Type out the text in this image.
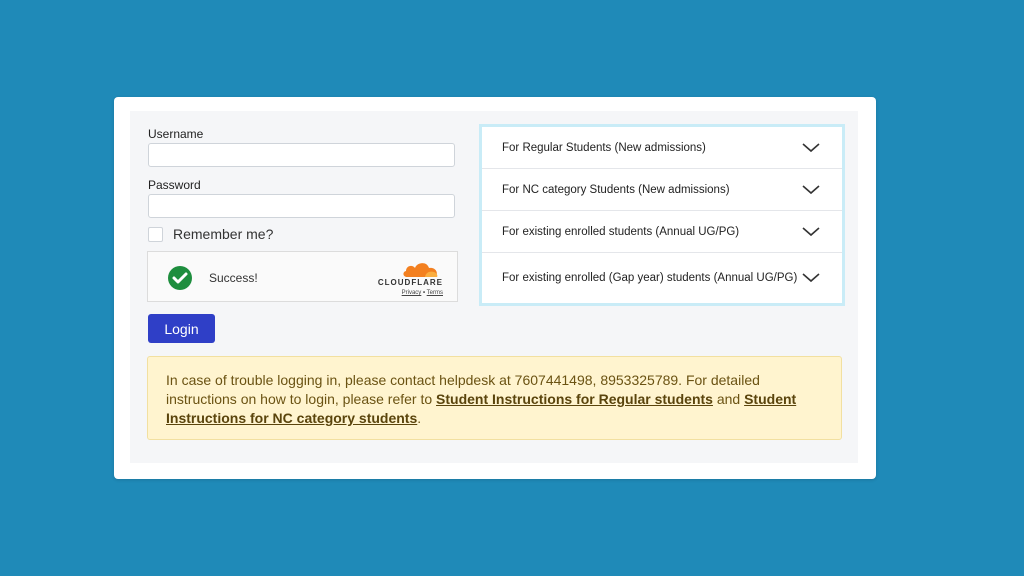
Username
Password
Remember me?
Success!	CLOUDFLARE
Privacy • Terms
Login
For Regular Students (New admissions)
For NC category Students (New admissions)
For existing enrolled students (Annual UG/PG)
For existing enrolled (Gap year) students (Annual UG/PG)
In case of trouble logging in, please contact helpdesk at 7607441498, 8953325789. For detailed instructions on how to login, please refer to Student Instructions for Regular students and Student Instructions for NC category students.
